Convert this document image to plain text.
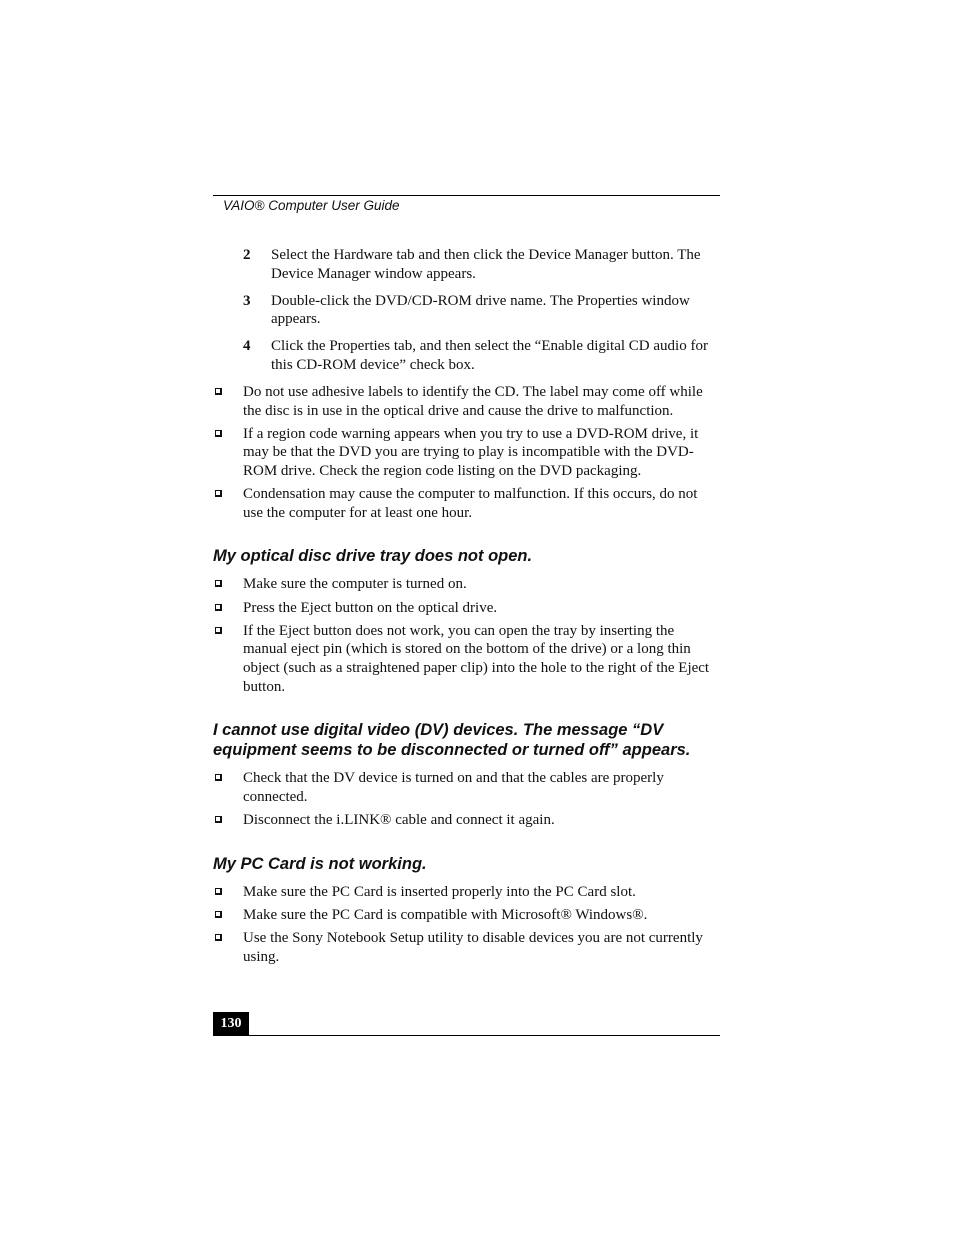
VAIO® Computer User Guide
2 Select the Hardware tab and then click the Device Manager button. The Device Manager window appears.
3 Double-click the DVD/CD-ROM drive name. The Properties window appears.
4 Click the Properties tab, and then select the “Enable digital CD audio for this CD-ROM device” check box.
Do not use adhesive labels to identify the CD. The label may come off while the disc is in use in the optical drive and cause the drive to malfunction.
If a region code warning appears when you try to use a DVD-ROM drive, it may be that the DVD you are trying to play is incompatible with the DVD-ROM drive. Check the region code listing on the DVD packaging.
Condensation may cause the computer to malfunction. If this occurs, do not use the computer for at least one hour.
My optical disc drive tray does not open.
Make sure the computer is turned on.
Press the Eject button on the optical drive.
If the Eject button does not work, you can open the tray by inserting the manual eject pin (which is stored on the bottom of the drive) or a long thin object (such as a straightened paper clip) into the hole to the right of the Eject button.
I cannot use digital video (DV) devices. The message “DV equipment seems to be disconnected or turned off” appears.
Check that the DV device is turned on and that the cables are properly connected.
Disconnect the i.LINK® cable and connect it again.
My PC Card is not working.
Make sure the PC Card is inserted properly into the PC Card slot.
Make sure the PC Card is compatible with Microsoft® Windows®.
Use the Sony Notebook Setup utility to disable devices you are not currently using.
130
